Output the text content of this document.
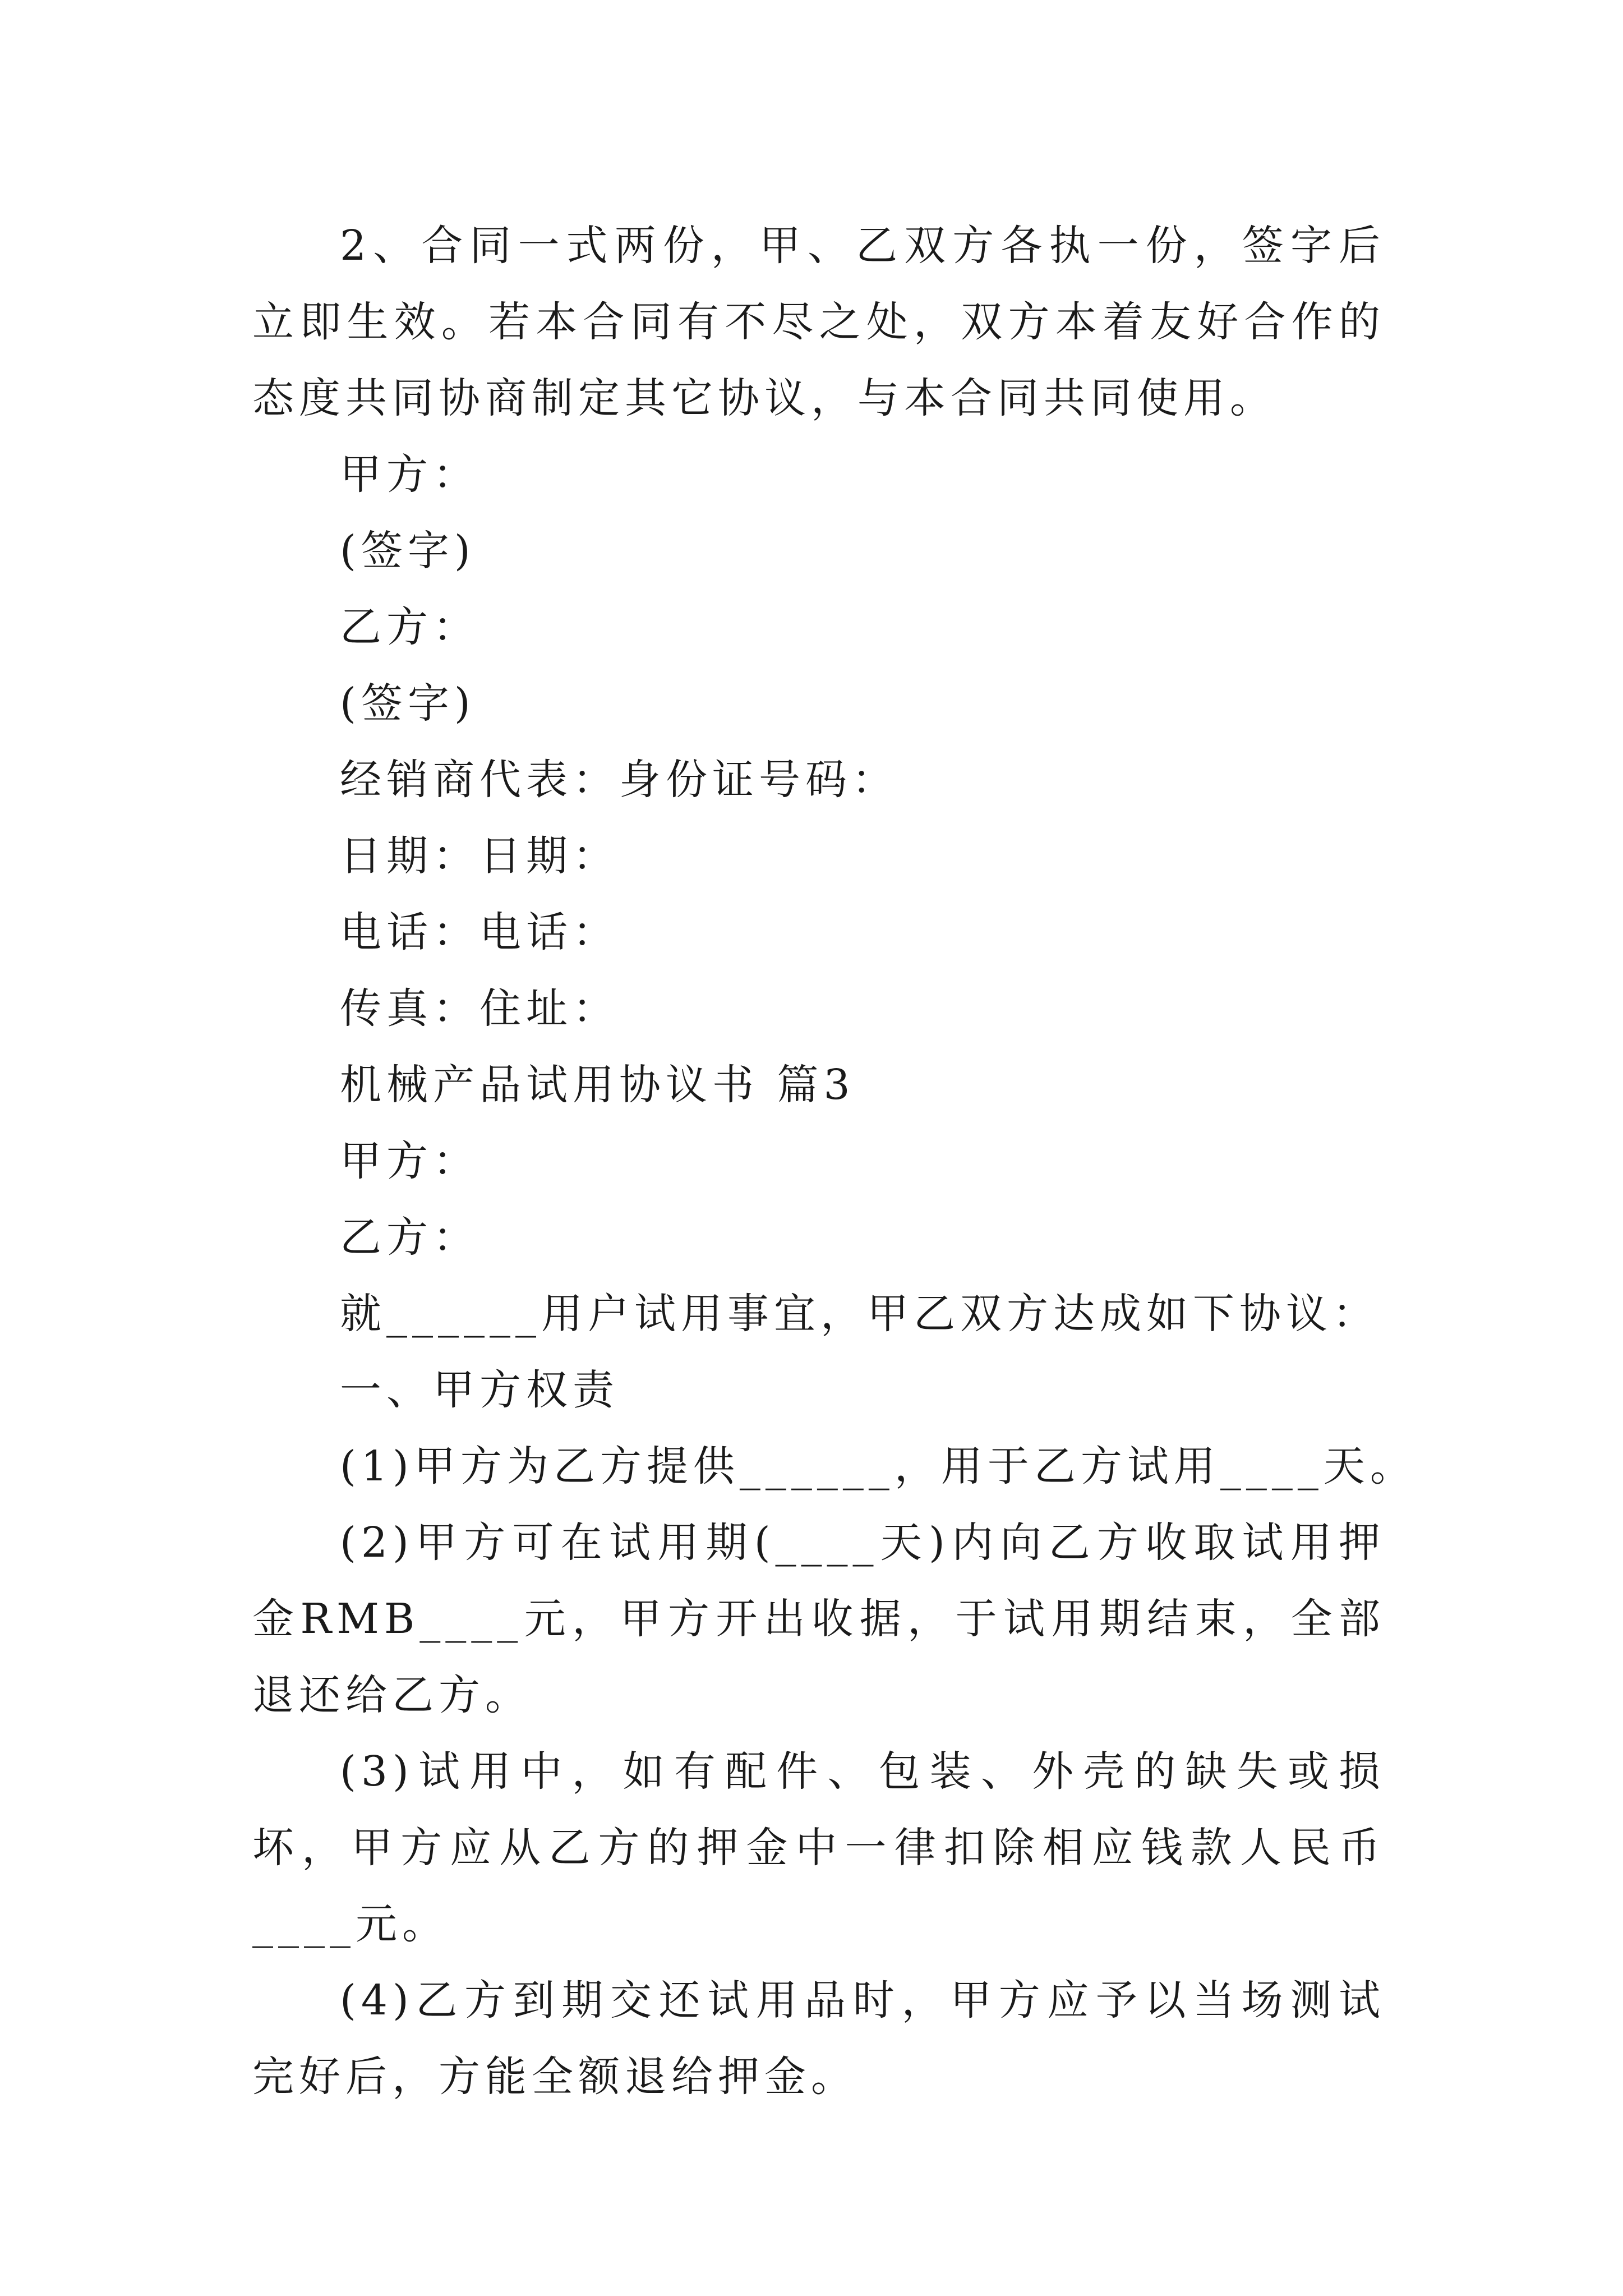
2、合同一式两份，甲、乙双方各执一份，签字后立即生效。若本合同有不尽之处，双方本着友好合作的态度共同协商制定其它协议，与本合同共同使用。

甲方：

(签字)

乙方：

(签字)

经销商代表：身份证号码：

日期：日期：

电话：电话：

传真：住址：

机械产品试用协议书 篇3

甲方：

乙方：

就______用户试用事宜，甲乙双方达成如下协议：

一、甲方权责

(1)甲方为乙方提供______，用于乙方试用____天。

(2)甲方可在试用期(____天)内向乙方收取试用押金RMB____元，甲方开出收据，于试用期结束，全部退还给乙方。

(3)试用中，如有配件、包装、外壳的缺失或损坏，甲方应从乙方的押金中一律扣除相应钱款人民币____元。

(4)乙方到期交还试用品时，甲方应予以当场测试完好后，方能全额退给押金。
